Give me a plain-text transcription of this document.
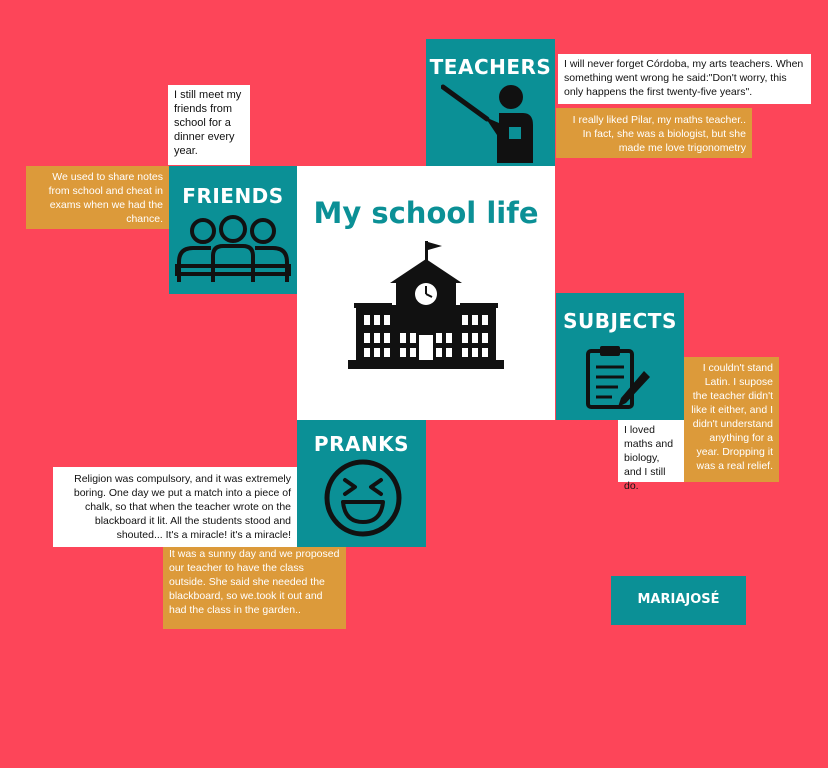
My school life
TEACHERS	I will never forget Córdoba, my arts teachers. When something went wrong he said:"Don't worry, this only happens the first twenty-five years".
I really liked Pilar, my maths teacher.. In fact, she was a biologist, but she made me love trigonometry
I still meet my friends from school for a dinner every year.
We used to share notes from school and cheat in exams when we had the chance.
FRIENDS
SUBJECTS
I couldn't stand Latin. I supose the teacher didn't like it either, and I didn't understand anything for a year. Dropping it was a real relief.
I loved maths and biology, and I still do.
PRANKS
Religion was compulsory, and it was extremely boring. One day we put a match into a piece of chalk, so that when the teacher wrote on the blackboard it lit. All the students stood and shouted... It's a miracle! it's a miracle!
It was a sunny day and we proposed our teacher to have the class outside. She said she needed the blackboard, so we.took it out and had the class in the garden..
MARIAJOSÉ
